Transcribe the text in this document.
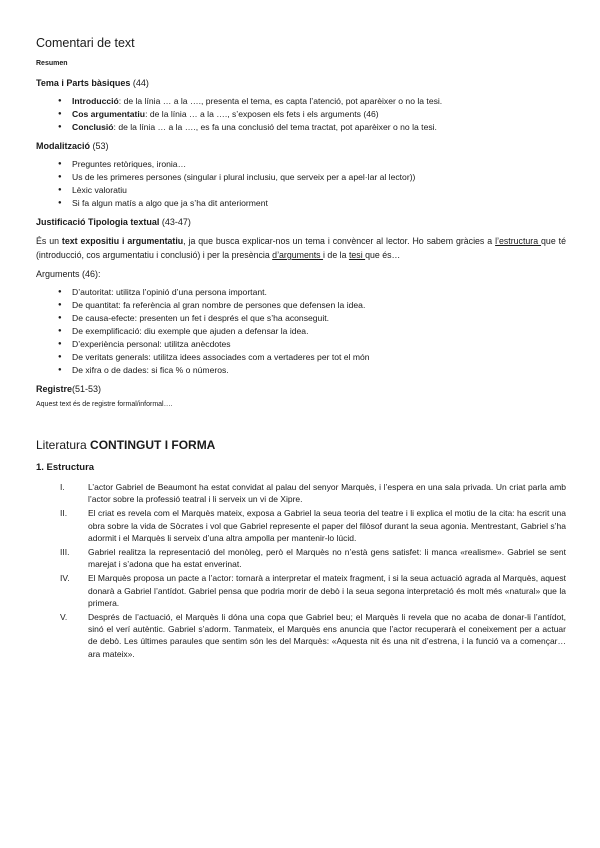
Comentari de text
Resumen
Tema i Parts bàsiques (44)
● Introducció: de la línia … a la …., presenta el tema, es capta l’atenció, pot aparèixer o no la tesi.
● Cos argumentatiu: de la línia … a la …., s’exposen els fets i els arguments (46)
● Conclusió: de la línia … a la …., es fa una conclusió del tema tractat, pot aparèixer o no la tesi.
Modalització (53)
● Preguntes retòriques, ironia…
● Us de les primeres persones (singular i plural inclusiu, que serveix per a apel·lar al lector))
● Lèxic valoratiu
● Si fa algun matís a algo que ja s’ha dit anteriorment
Justificació Tipologia textual (43-47)
És un text expositiu i argumentatiu, ja que busca explicar-nos un tema i convèncer al lector. Ho sabem gràcies a l’estructura que té (introducció, cos argumentatiu i conclusió) i per la presència d’arguments i de la tesi que és…
Arguments (46):
● D’autoritat: utilitza l’opinió d’una persona important.
● De quantitat: fa referència al gran nombre de persones que defensen la idea.
● De causa-efecte: presenten un fet i després el que s’ha aconseguit.
● De exemplificació: diu exemple que ajuden a defensar la idea.
● D’experiència personal: utilitza anècdotes
● De veritats generals: utilitza idees associades com a vertaderes per tot el món
● De xifra o de dades: si fica % o números.
Registre(51-53)
Aquest text és de registre formal/informal….
Literatura CONTINGUT I FORMA
1. Estructura
I.	L’actor Gabriel de Beaumont ha estat convidat al palau del senyor Marquès, i l’espera en una sala privada. Un criat parla amb l’actor sobre la professió teatral i li serveix un vi de Xipre.
II. El criat es revela com el Marquès mateix, exposa a Gabriel la seua teoria del teatre i li explica el motiu de la cita: ha escrit una obra sobre la vida de Sòcrates i vol que Gabriel represente el paper del filòsof durant la seua agonia. Mentrestant, Gabriel s’ha adormit i el Marquès li serveix d’una altra ampolla per mantenir-lo lúcid.
III. Gabriel realitza la representació del monòleg, però el Marquès no n’està gens satisfet: li manca «realisme». Gabriel se sent marejat i s’adona que ha estat enverinat.
IV. El Marquès proposa un pacte a l’actor: tornarà a interpretar el mateix fragment, i si la seua actuació agrada al Marquès, aquest donarà a Gabriel l’antídot. Gabriel pensa que podria morir de debò i la seua segona interpretació és molt més «natural» que la primera.
V. Després de l’actuació, el Marquès li dóna una copa que Gabriel beu; el Marquès li revela que no acaba de donar-li l’antídot, sinó el verí autèntic. Gabriel s’adorm. Tanmateix, el Marquès ens anuncia que l’actor recuperarà el coneixement per a actuar de debò. Les últimes paraules que sentim són les del Marquès: «Aquesta nit és una nit d’estrena, i la funció va a començar… ara mateix».
